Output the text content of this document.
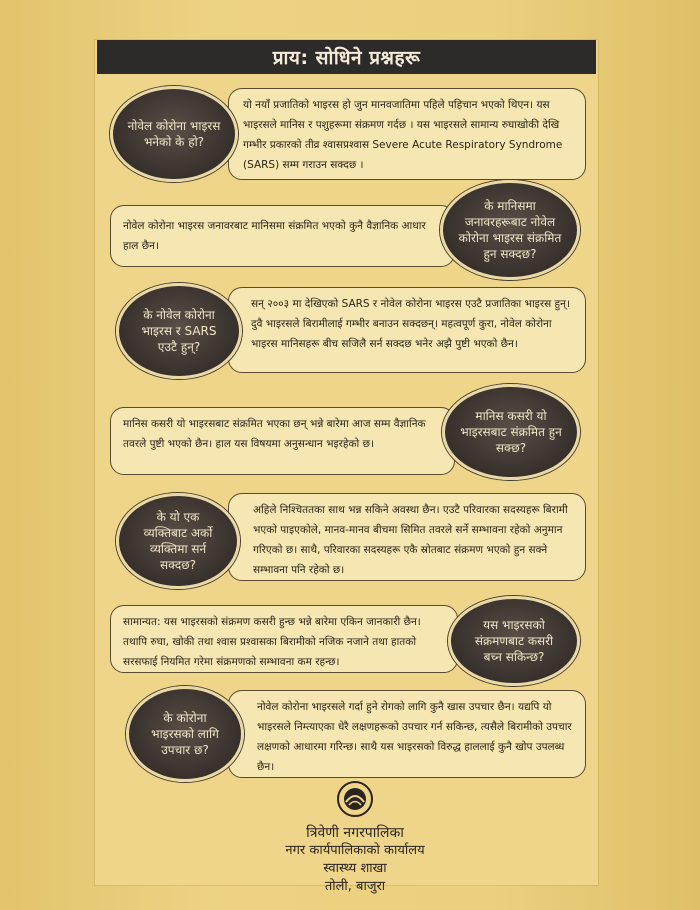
प्राय: सोधिने प्रश्नहरू
यो नयाँ प्रजातिको भाइरस हो जुन मानवजातिमा पहिले पहिचान भएको थिएन। यस भाइरसले मानिस र पशुहरूमा संक्रमण गर्दछ । यस भाइरसले सामान्य रुघाखोकी देखि गम्भीर प्रकारको तीव्र श्वासप्रश्वास Severe Acute Respiratory Syndrome (SARS) सम्म गराउन सक्दछ ।
नोवेल कोरोना भाइरस भनेको के हो?
नोवेल कोरोना भाइरस जनावरबाट मानिसमा संक्रमित भएको कुनै वैज्ञानिक आधार हाल छैन।
के मानिसमा जनावरहरूबाट नोवेल कोरोना भाइरस संक्रमित हुन सक्दछ?
सन् २००३ मा देखिएको SARS र नोवेल कोरोना भाइरस एउटै प्रजातिका भाइरस हुन्। दुवै भाइरसले बिरामीलाई गम्भीर बनाउन सक्दछन्। महत्वपूर्ण कुरा, नोवेल कोरोना भाइरस मानिसहरू बीच सजिलै सर्न सक्दछ भनेर अझै पुष्टी भएको छैन।
के नोवेल कोरोना भाइरस र SARS एउटै हुन्?
मानिस कसरी यो भाइरसबाट संक्रमित भएका छन् भन्ने बारेमा आज सम्म वैज्ञानिक तवरले पुष्टी भएको छैन। हाल यस विषयमा अनुसन्धान भइरहेको छ।
मानिस कसरी यो भाइरसबाट संक्रमित हुन सक्छ?
अहिले निश्चिततका साथ भन्न सकिने अवस्था छैन। एउटै परिवारका सदस्यहरू बिरामी भएको पाइएकोले, मानव-मानव बीचमा सिमित तवरले सर्ने सम्भावना रहेको अनुमान गरिएको छ। साथै, परिवारका सदस्यहरू एकै स्रोतबाट संक्रमण भएको हुन सक्ने सम्भावना पनि रहेको छ।
के यो एक व्यक्तिबाट अर्को व्यक्तिमा सर्न सक्दछ?
सामान्यत: यस भाइरसको संक्रमण कसरी हुन्छ भन्ने बारेमा एकिन जानकारी छैन। तथापि रुघा, खोकी तथा श्वास प्रश्वासका बिरामीको नजिक नजाने तथा हातको सरसफाई नियमित गरेमा संक्रमणको सम्भावना कम रहन्छ।
यस भाइरसको संक्रमणबाट कसरी बच्न सकिन्छ?
नोवेल कोरोना भाइरसले गर्दा हुने रोगको लागि कुनै खास उपचार छैन। यद्यपि यो भाइरसले निम्त्याएका धेरै लक्षणहरूको उपचार गर्न सकिन्छ, त्यसैले बिरामीको उपचार लक्षणको आधारमा गरिन्छ। साथै यस भाइरसको विरुद्ध हाललाई कुनै खोप उपलब्ध छैन।
के कोरोना भाइरसको लागि उपचार छ?
त्रिवेणी नगरपालिका
नगर कार्यपालिकाको कार्यालय
स्वास्थ्य शाखा
तोली, बाजुरा
